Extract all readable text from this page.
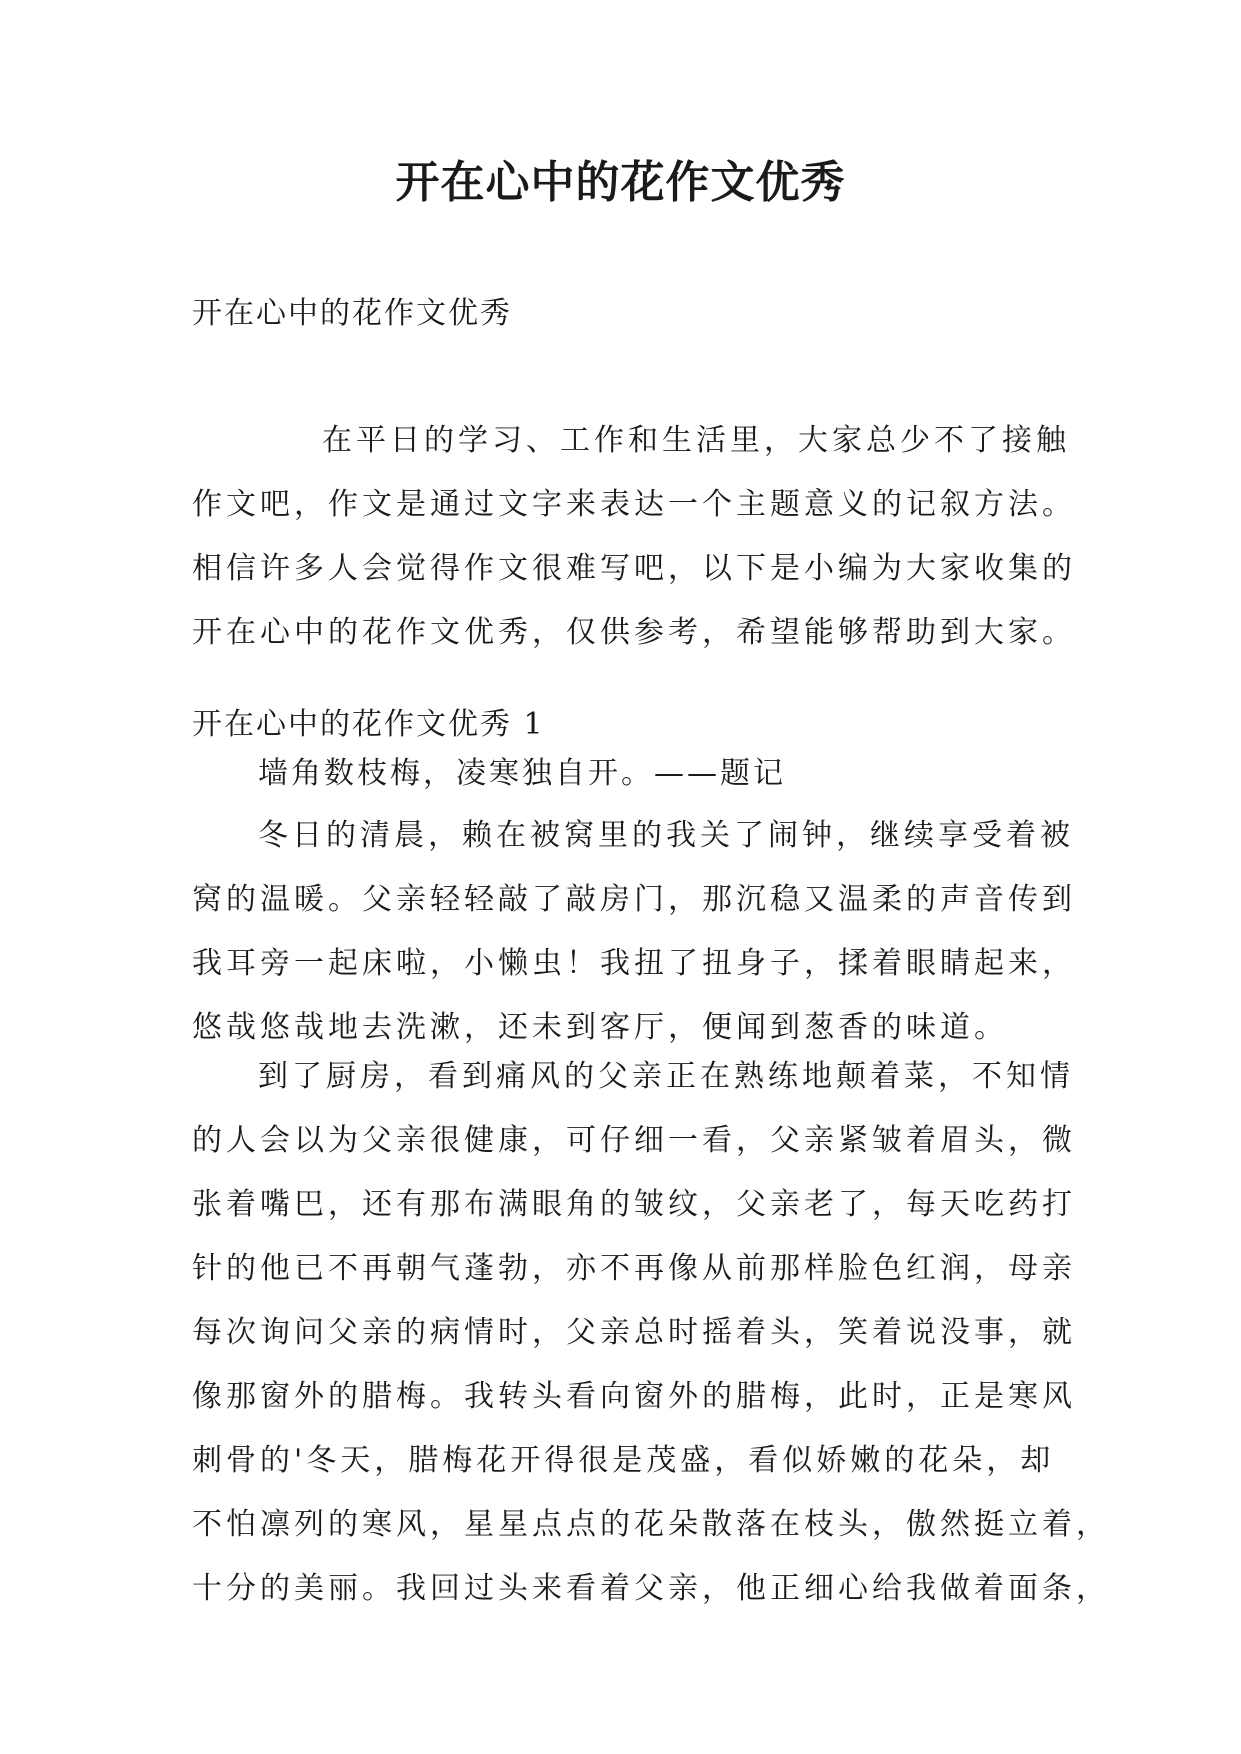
开在心中的花作文优秀
开在心中的花作文优秀
在平日的学习、工作和生活里，大家总少不了接触
作文吧，作文是通过文字来表达一个主题意义的记叙方法。
相信许多人会觉得作文很难写吧，以下是小编为大家收集的
开在心中的花作文优秀，仅供参考，希望能够帮助到大家。
开在心中的花作文优秀 1
墙角数枝梅，凌寒独自开。——题记
冬日的清晨，赖在被窝里的我关了闹钟，继续享受着被
窝的温暖。父亲轻轻敲了敲房门，那沉稳又温柔的声音传到
我耳旁一起床啦，小懒虫！我扭了扭身子，揉着眼睛起来，
悠哉悠哉地去洗漱，还未到客厅，便闻到葱香的味道。
到了厨房，看到痛风的父亲正在熟练地颠着菜，不知情
的人会以为父亲很健康，可仔细一看，父亲紧皱着眉头，微
张着嘴巴，还有那布满眼角的皱纹，父亲老了，每天吃药打
针的他已不再朝气蓬勃，亦不再像从前那样脸色红润，母亲
每次询问父亲的病情时，父亲总时摇着头，笑着说没事，就
像那窗外的腊梅。我转头看向窗外的腊梅，此时，正是寒风
刺骨的'冬天，腊梅花开得很是茂盛，看似娇嫩的花朵，却
不怕凛列的寒风，星星点点的花朵散落在枝头，傲然挺立着，
十分的美丽。我回过头来看着父亲，他正细心给我做着面条，
